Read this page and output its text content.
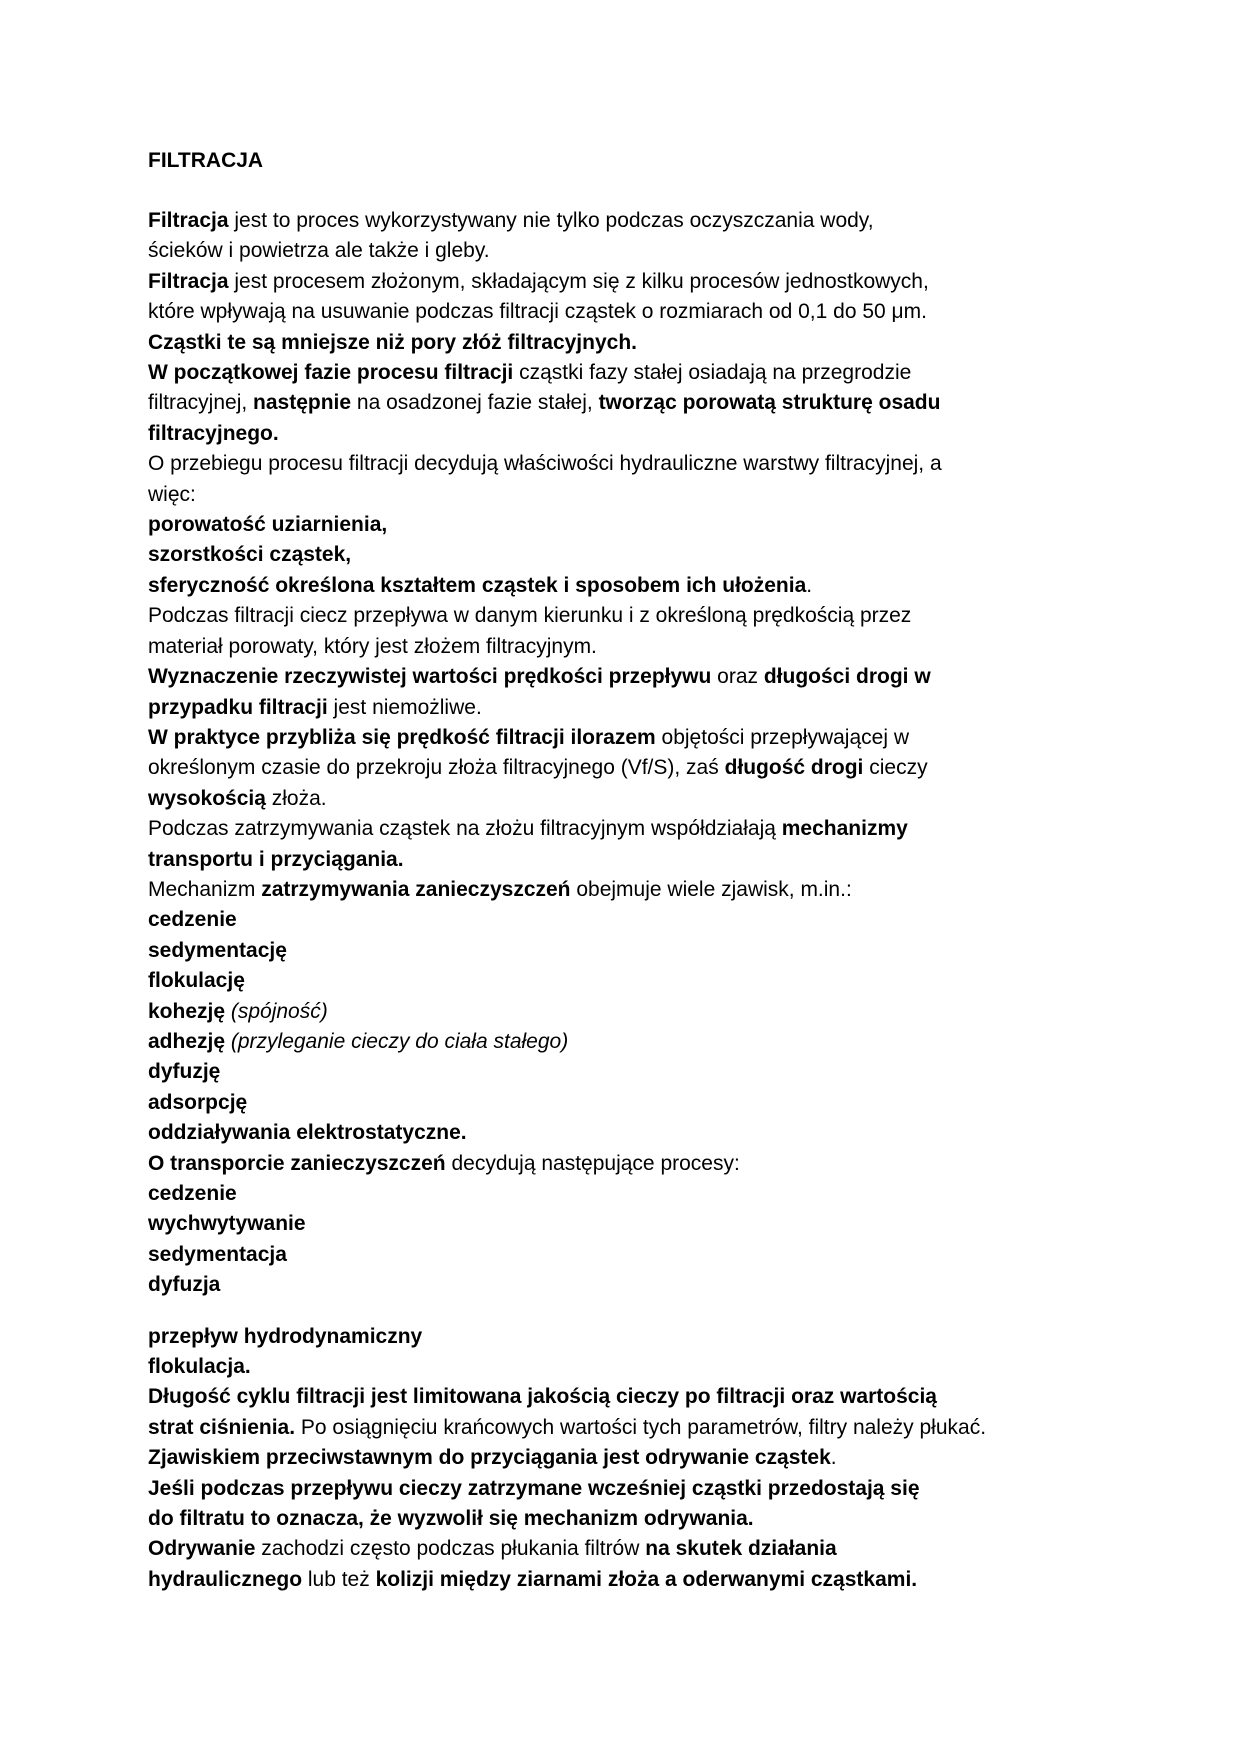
FILTRACJA

Filtracja jest to proces wykorzystywany nie tylko podczas oczyszczania wody,
ścieków i powietrza ale także i gleby.

Filtracja jest procesem złożonym, składającym się z kilku procesów jednostkowych,
które wpływają na usuwanie podczas filtracji cząstek o rozmiarach od 0,1 do 50 μm.

Cząstki te są mniejsze niż pory złóż filtracyjnych.

W początkowej fazie procesu filtracji cząstki fazy stałej osiadają na przegrodzie
filtracyjnej, następnie na osadzonej fazie stałej, tworząc porowatą strukturę osadu
filtracyjnego.

O przebiegu procesu filtracji decydują właściwości hydrauliczne warstwy filtracyjnej, a
więc:

porowatość uziarnienia,

szorstkości cząstek,

sferyczność określona kształtem cząstek i sposobem ich ułożenia.

Podczas filtracji ciecz przepływa w danym kierunku i z określoną prędkością przez
materiał porowaty, który jest złożem filtracyjnym.

Wyznaczenie rzeczywistej wartości prędkości przepływu oraz długości drogi w
przypadku filtracji jest niemożliwe.

W praktyce przybliża się prędkość filtracji ilorazem objętości przepływającej w
określonym czasie do przekroju złoża filtracyjnego (Vf/S), zaś długość drogi cieczy
wysokością złoża.

Podczas zatrzymywania cząstek na złożu filtracyjnym współdziałają mechanizmy
transportu i przyciągania.

Mechanizm zatrzymywania zanieczyszczeń obejmuje wiele zjawisk, m.in.:

cedzenie

sedymentację

flokulację

kohezję (spójność)

adhezję (przyleganie cieczy do ciała stałego)

dyfuzję

adsorpcję

oddziaływania elektrostatyczne.

O transporcie zanieczyszczeń decydują następujące procesy:

cedzenie

wychwytywanie

sedymentacja

dyfuzja

przepływ hydrodynamiczny

flokulacja.

Długość cyklu filtracji jest limitowana jakością cieczy po filtracji oraz wartością
strat ciśnienia. Po osiągnięciu krańcowych wartości tych parametrów, filtry należy płukać.

Zjawiskiem przeciwstawnym do przyciągania jest odrywanie cząstek.

Jeśli podczas przepływu cieczy zatrzymane wcześniej cząstki przedostają się
do filtratu to oznacza, że wyzwolił się mechanizm odrywania.

Odrywanie zachodzi często podczas płukania filtrów na skutek działania
hydraulicznego lub też kolizji między ziarnami złoża a oderwanymi cząstkami.
